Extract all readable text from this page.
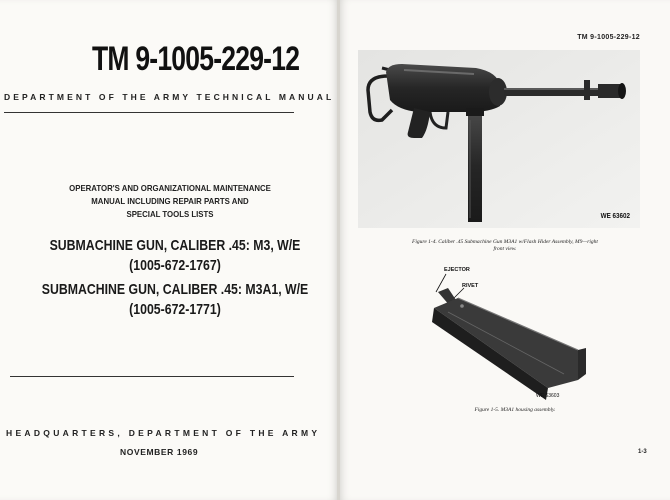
TM 9-1005-229-12
DEPARTMENT OF THE ARMY TECHNICAL MANUAL
OPERATOR'S AND ORGANIZATIONAL MAINTENANCE
MANUAL INCLUDING REPAIR PARTS AND
SPECIAL TOOLS LISTS
SUBMACHINE GUN, CALIBER .45: M3, W/E
(1005-672-1767)
SUBMACHINE GUN, CALIBER .45: M3A1, W/E
(1005-672-1771)
HEADQUARTERS, DEPARTMENT OF THE ARMY
NOVEMBER 1969
TM 9-1005-229-12
WE 63602
Figure 1-4. Caliber .45 Submachine Gun M3A1 w/Flash Hider Assembly, M9—right
front view.
EJECTOR
RIVET
WE 63603
Figure 1-5. M3A1 housing assembly.
1-3
